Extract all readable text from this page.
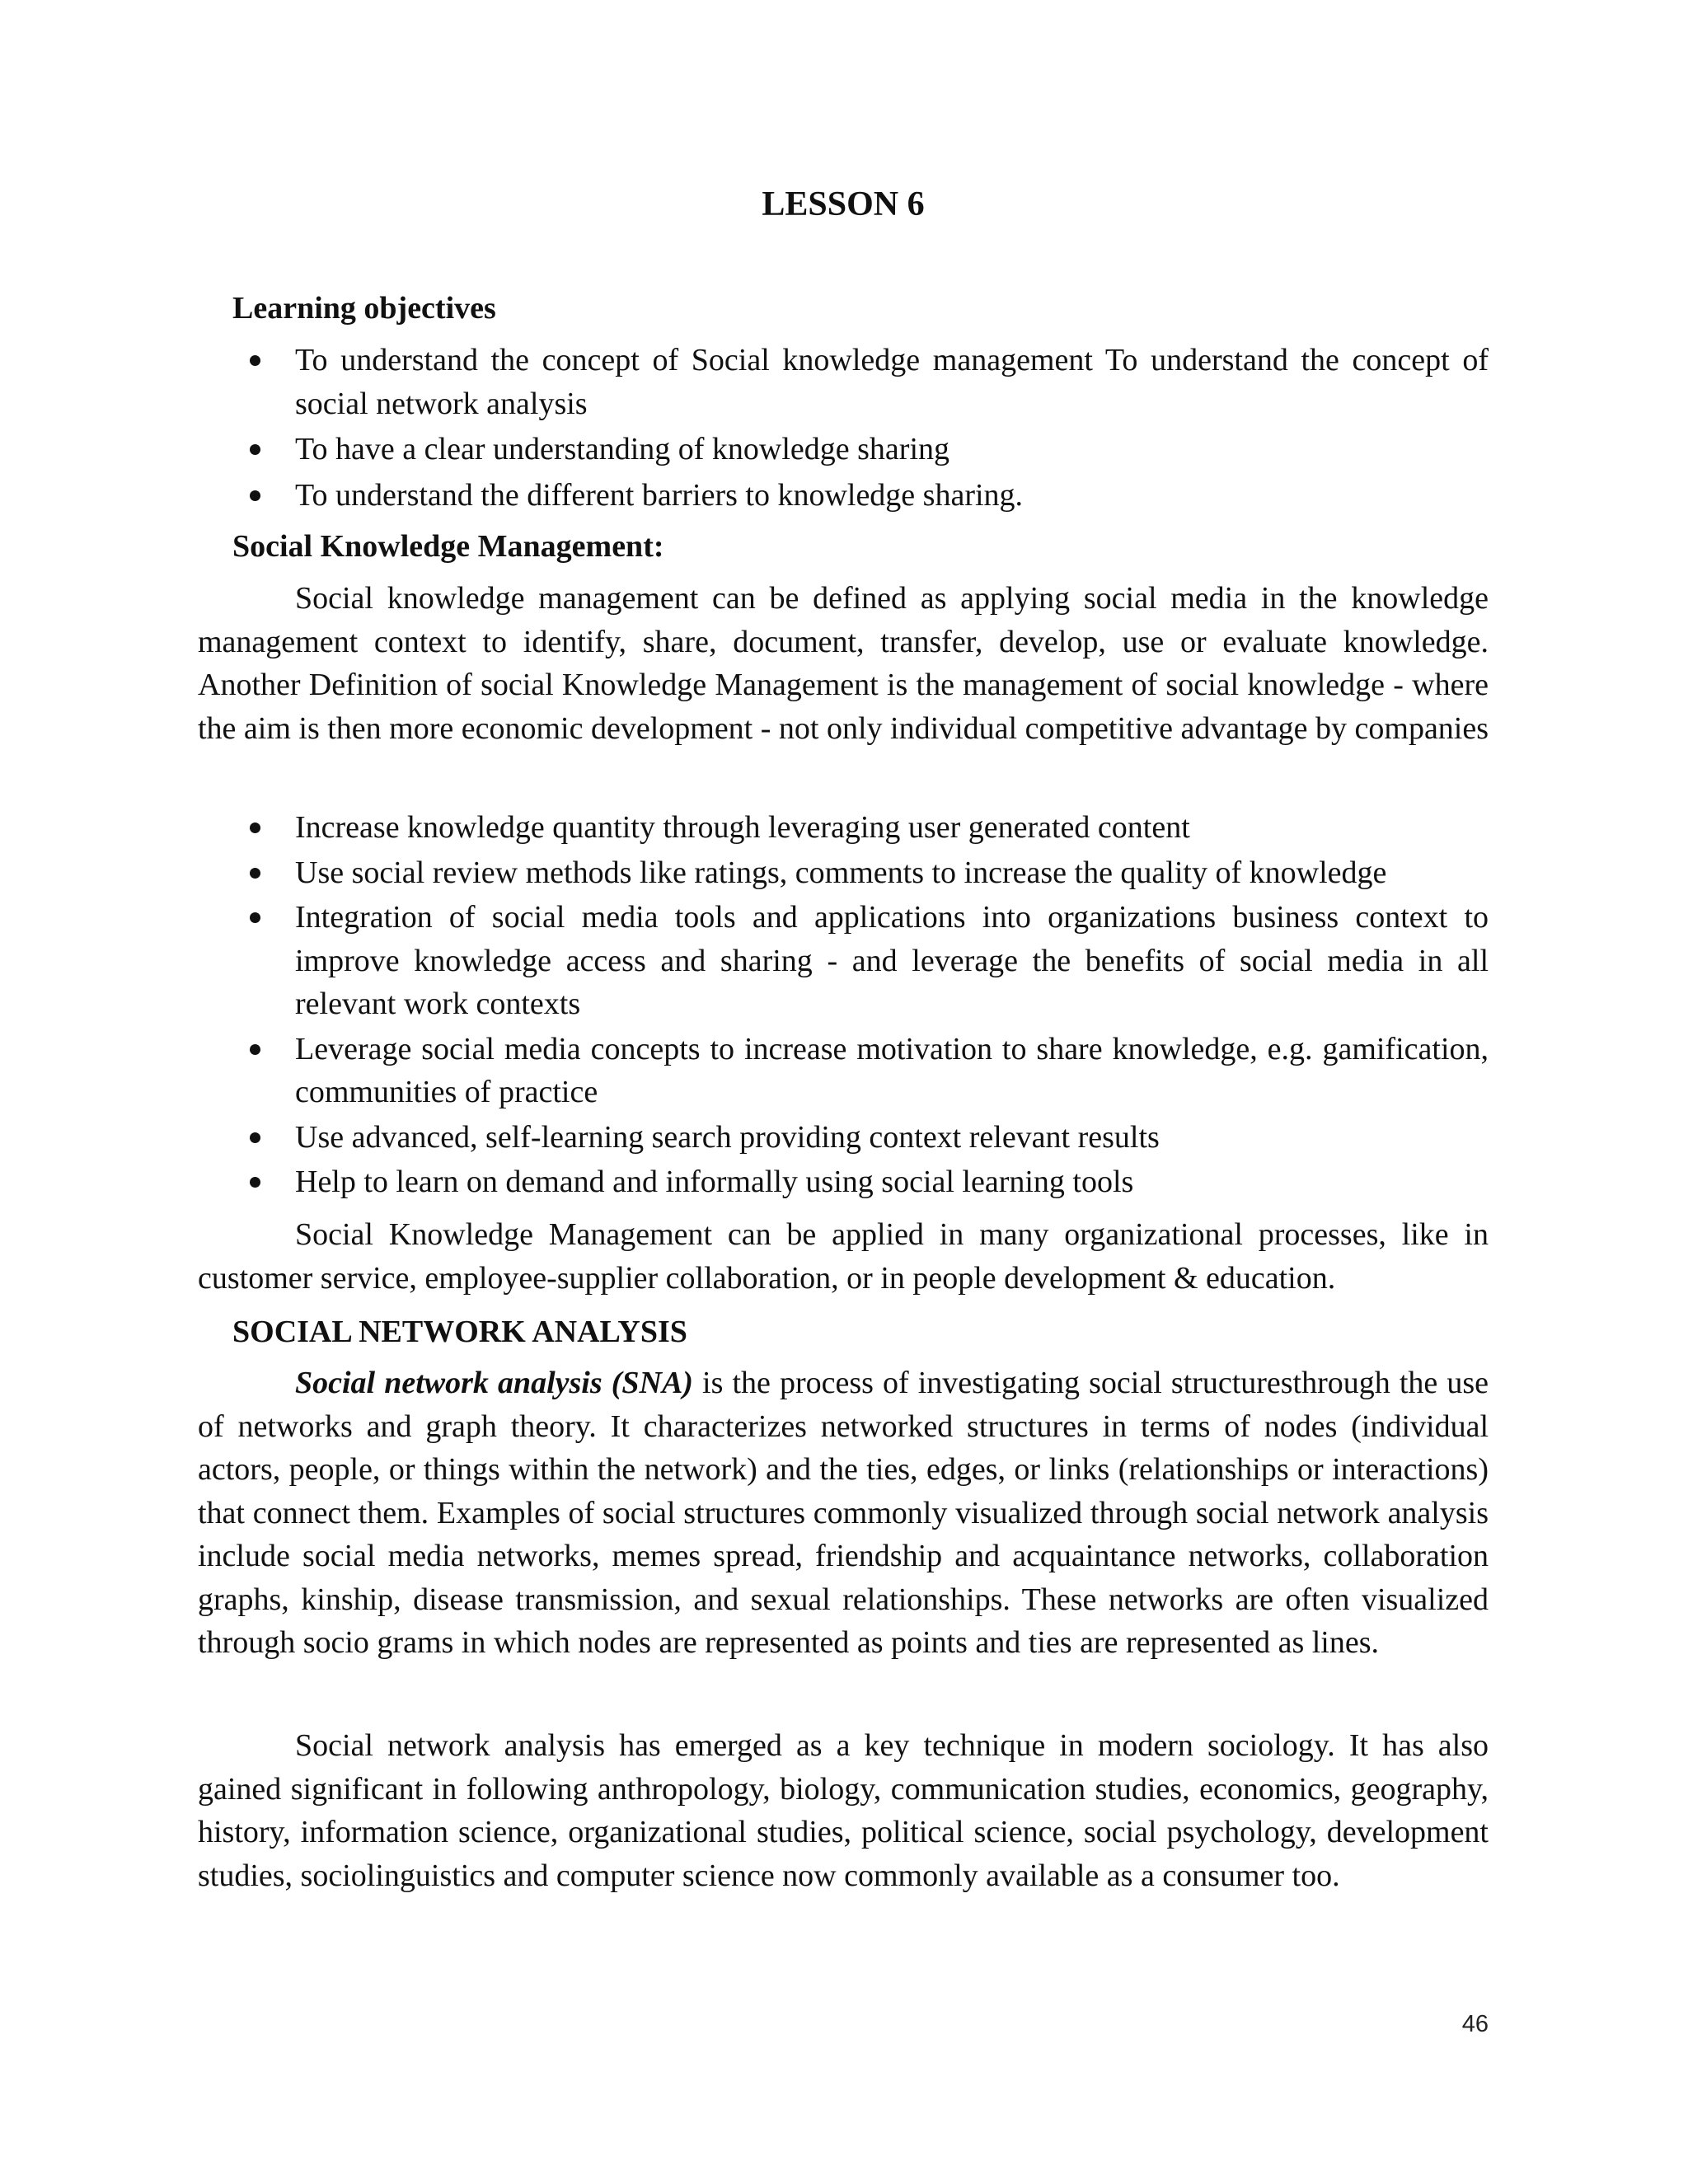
LESSON 6
Learning objectives
To understand the concept of Social knowledge management To understand the concept of social network analysis
To have a clear understanding of knowledge sharing
To understand the different barriers to knowledge sharing.
Social Knowledge Management:

Social knowledge management can be defined as applying social media in the knowledge management context to identify, share, document, transfer, develop, use or evaluate knowledge. Another Definition of social Knowledge Management is the management of social knowledge - where the aim is then more economic development - not only individual competitive advantage by companies

Increase knowledge quantity through leveraging user generated content
Use social review methods like ratings, comments to increase the quality of knowledge
Integration of social media tools and applications into organizations business context to improve knowledge access and sharing - and leverage the benefits of social media in all relevant work contexts
Leverage social media concepts to increase motivation to share knowledge, e.g. gamification, communities of practice
Use advanced, self-learning search providing context relevant results
Help to learn on demand and informally using social learning tools

Social Knowledge Management can be applied in many organizational processes, like in customer service, employee-supplier collaboration, or in people development & education.

SOCIAL NETWORK ANALYSIS

Social network analysis (SNA) is the process of investigating social structuresthrough the use of networks and graph theory. It characterizes networked structures in terms of nodes (individual actors, people, or things within the network) and the ties, edges, or links (relationships or interactions) that connect them. Examples of social structures commonly visualized through social network analysis include social media networks, memes spread, friendship and acquaintance networks, collaboration graphs, kinship, disease transmission, and sexual relationships. These networks are often visualized through socio grams in which nodes are represented as points and ties are represented as lines.

Social network analysis has emerged as a key technique in modern sociology. It has also gained significant in following anthropology, biology, communication studies, economics, geography, history, information science, organizational studies, political science, social psychology, development studies, sociolinguistics and computer science now commonly available as a consumer too.

46
